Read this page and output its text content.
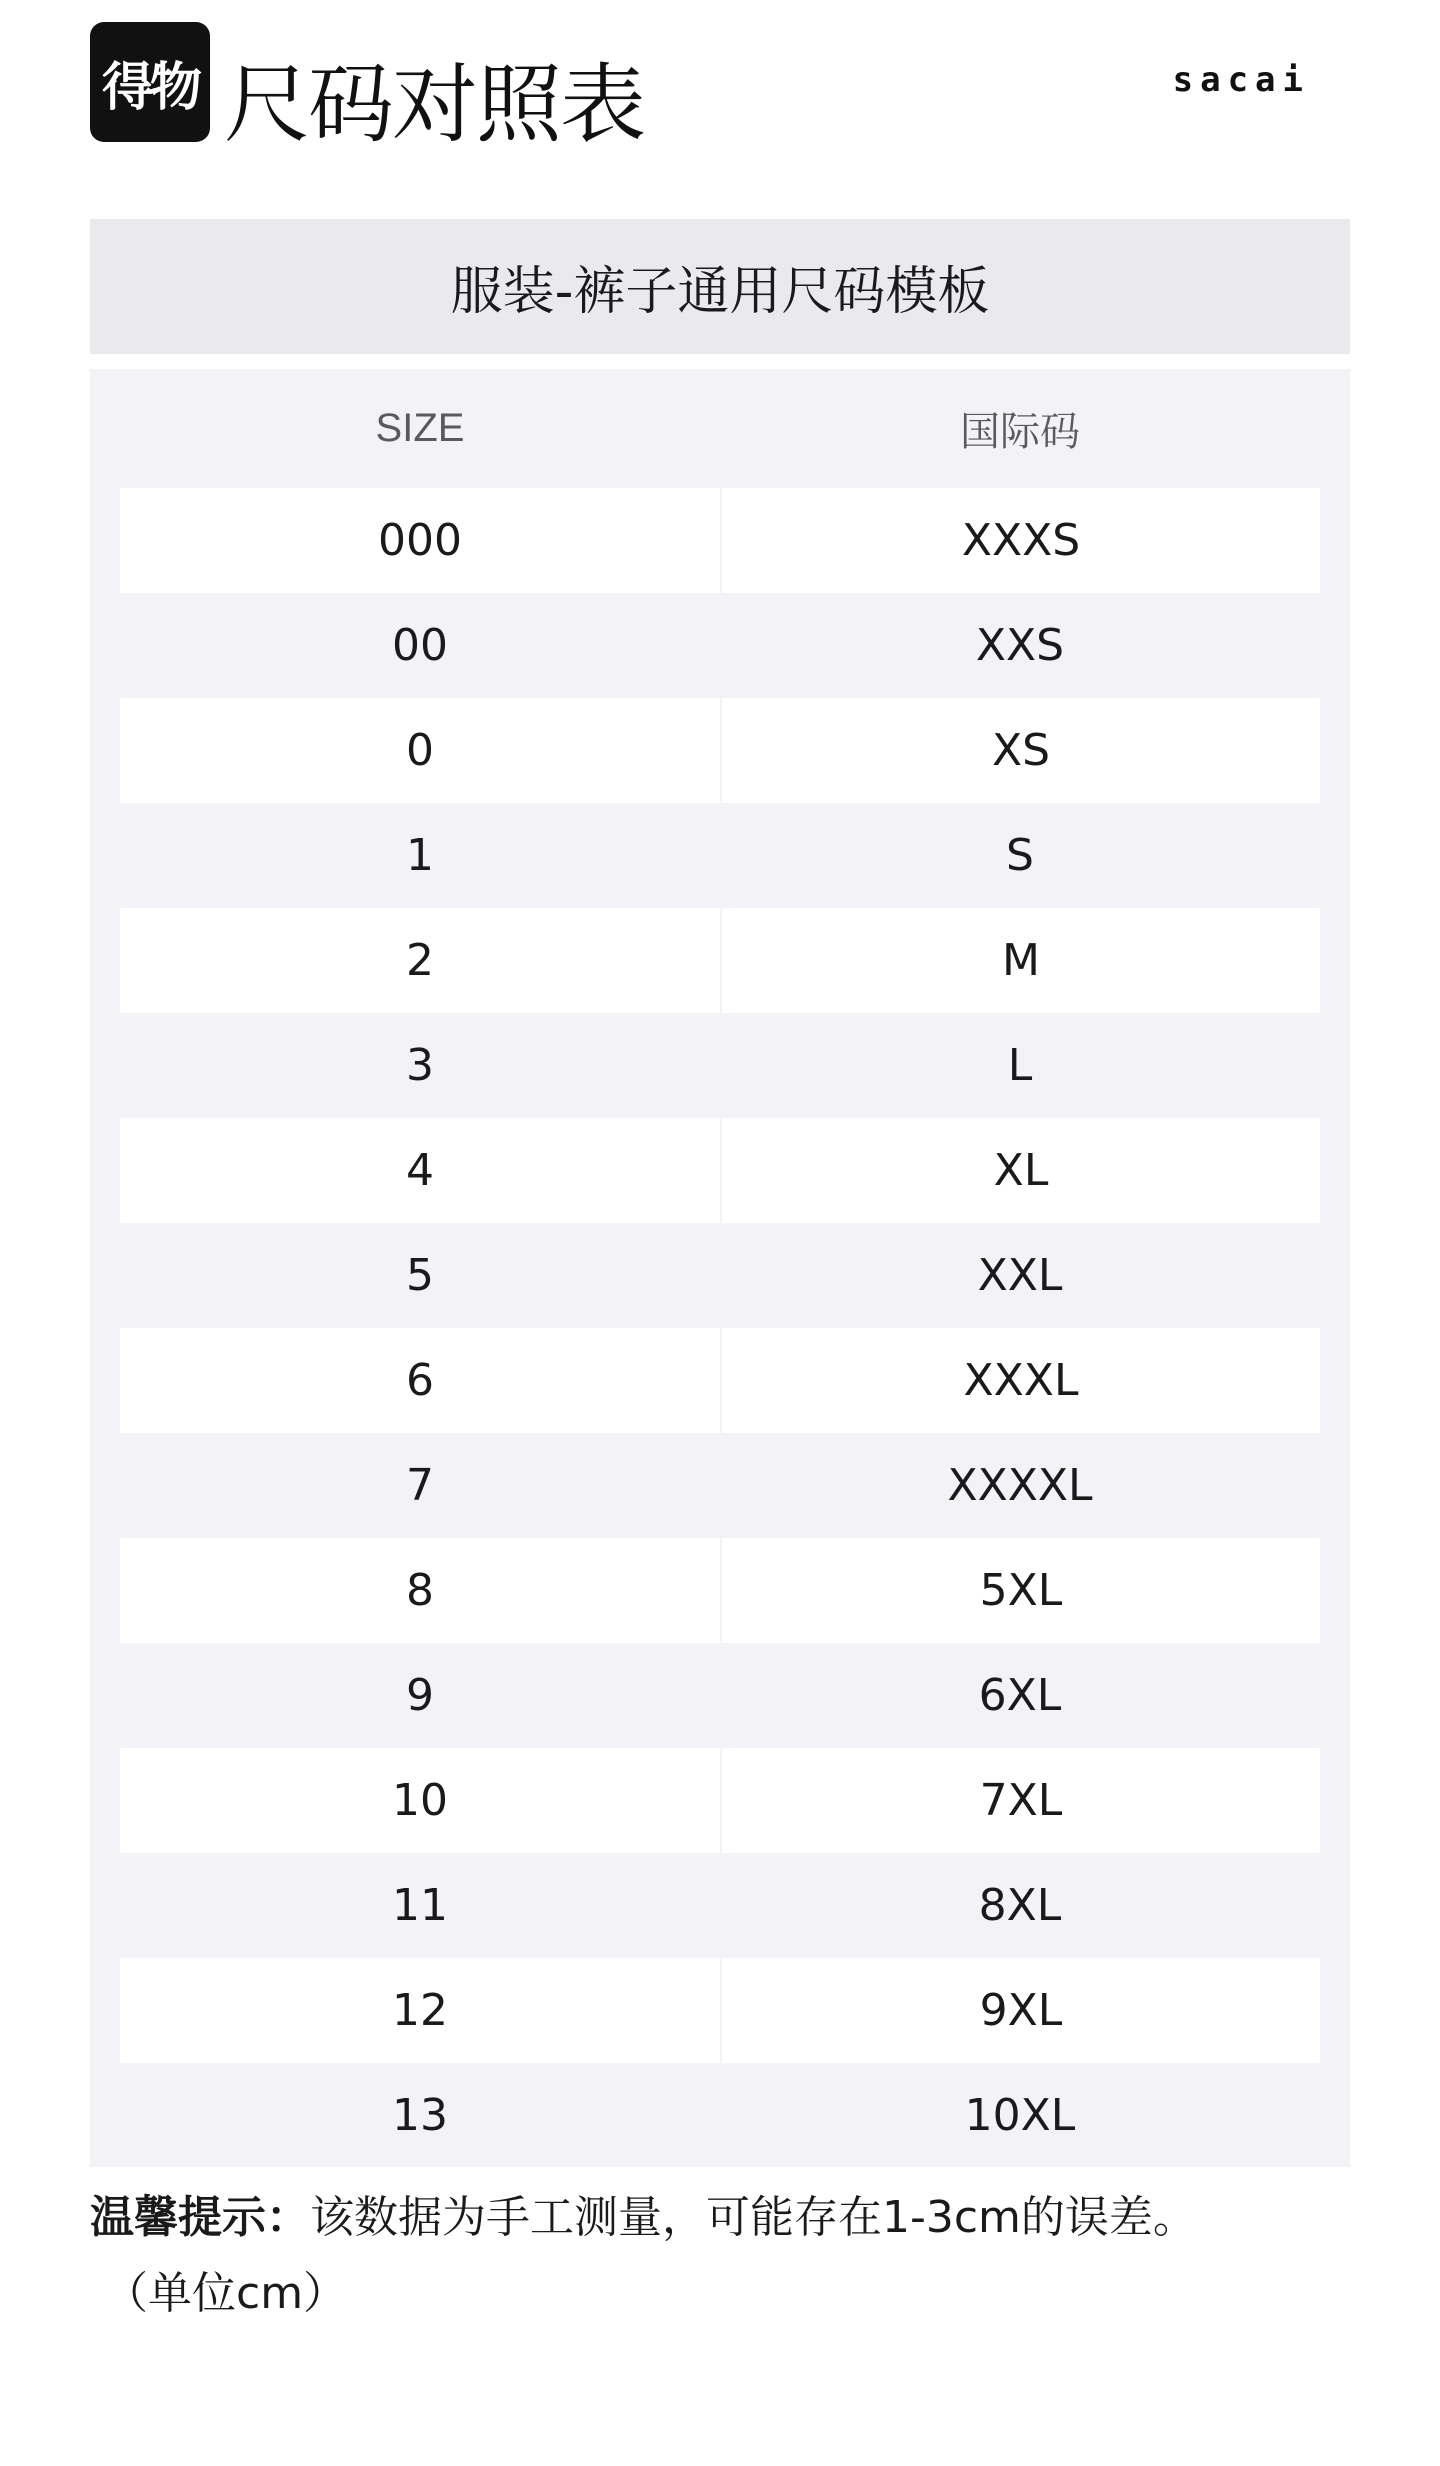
得物 尺码对照表	sacai
服装-裤子通用尺码模板
SIZE	国际码
000	XXXS
00	XXS
0	XS
1	S
2	M
3	L
4	XL
5	XXL
6	XXXL
7	XXXXL
8	5XL
9	6XL
10	7XL
11	8XL
12	9XL
13	10XL
温馨提示：该数据为手工测量，可能存在1-3cm的误差。
（单位cm）
